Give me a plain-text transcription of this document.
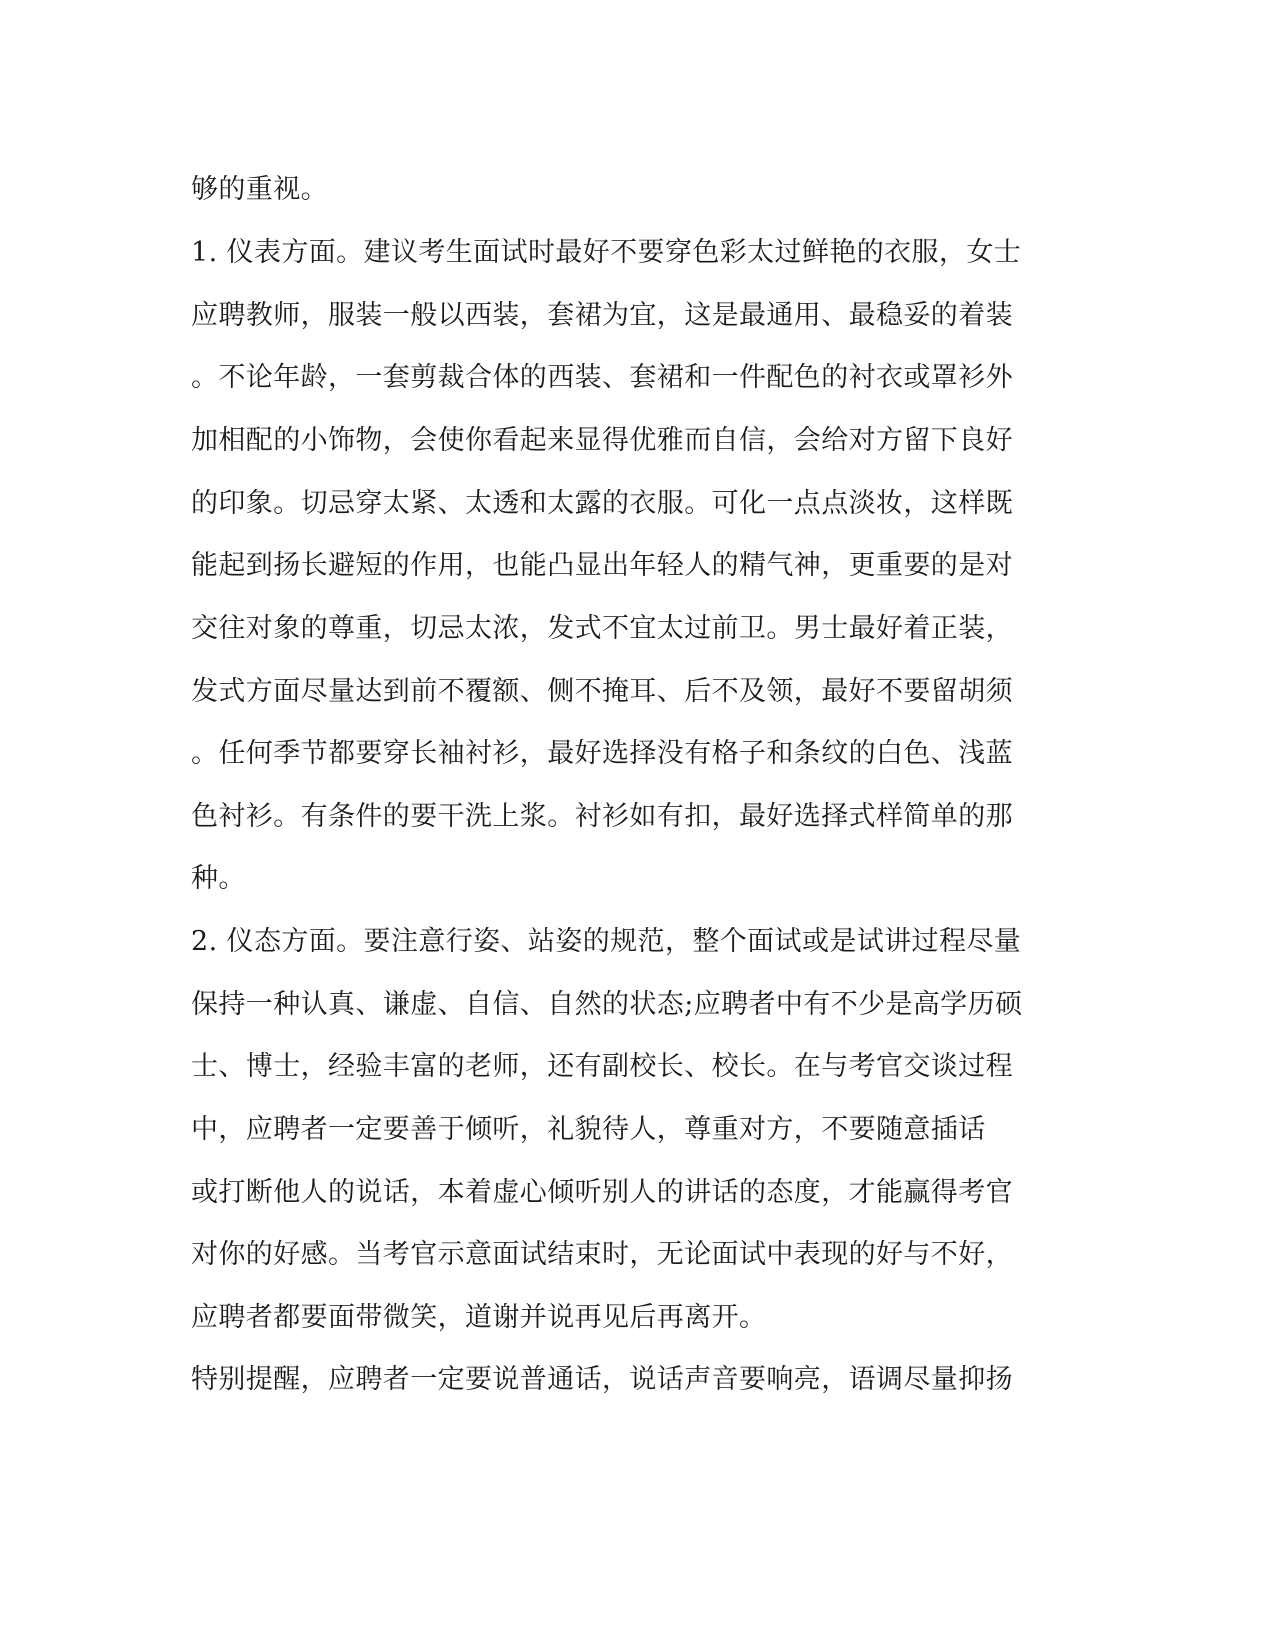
够的重视。
1. 仪表方面。建议考生面试时最好不要穿色彩太过鲜艳的衣服，女士
应聘教师，服装一般以西装，套裙为宜，这是最通用、最稳妥的着装
。不论年龄，一套剪裁合体的西装、套裙和一件配色的衬衣或罩衫外
加相配的小饰物，会使你看起来显得优雅而自信，会给对方留下良好
的印象。切忌穿太紧、太透和太露的衣服。可化一点点淡妆，这样既
能起到扬长避短的作用，也能凸显出年轻人的精气神，更重要的是对
交往对象的尊重，切忌太浓，发式不宜太过前卫。男士最好着正装，
发式方面尽量达到前不覆额、侧不掩耳、后不及领，最好不要留胡须
。任何季节都要穿长袖衬衫，最好选择没有格子和条纹的白色、浅蓝
色衬衫。有条件的要干洗上浆。衬衫如有扣，最好选择式样简单的那
种。
2. 仪态方面。要注意行姿、站姿的规范，整个面试或是试讲过程尽量
保持一种认真、谦虚、自信、自然的状态;应聘者中有不少是高学历硕
士、博士，经验丰富的老师，还有副校长、校长。在与考官交谈过程
中，应聘者一定要善于倾听，礼貌待人，尊重对方，不要随意插话
或打断他人的说话，本着虚心倾听别人的讲话的态度，才能赢得考官
对你的好感。当考官示意面试结束时，无论面试中表现的好与不好，
应聘者都要面带微笑，道谢并说再见后再离开。
特别提醒，应聘者一定要说普通话，说话声音要响亮，语调尽量抑扬
